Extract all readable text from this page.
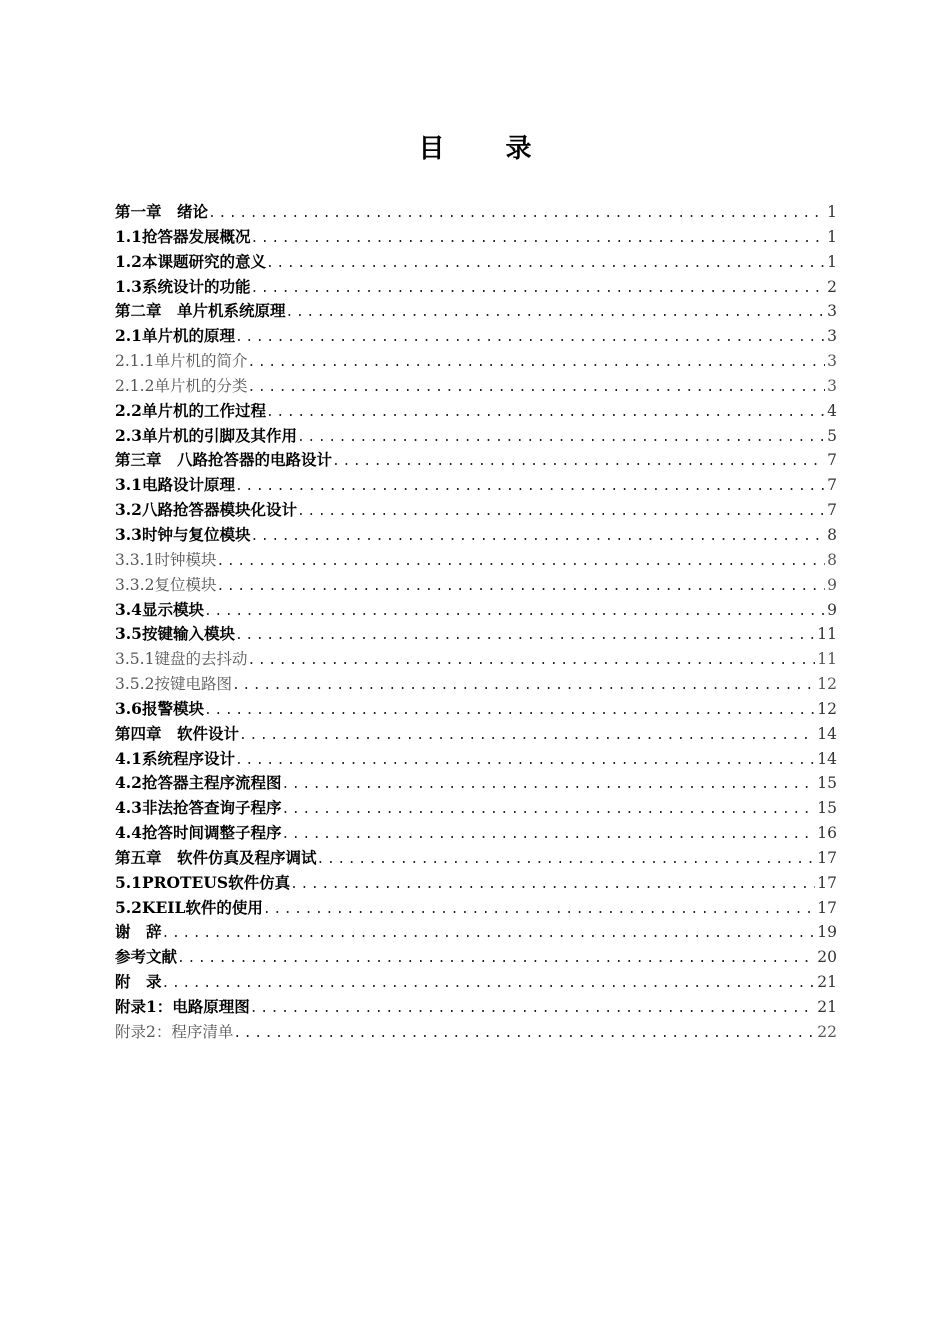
目 录
第一章　绪论 .....	1
1.1抢答器发展概况 .....	1
1.2本课题研究的意义 .....	1
1.3系统设计的功能 .....	2
第二章　单片机系统原理 .....	3
2.1单片机的原理 .....	3
2.1.1单片机的简介 .....	3
2.1.2单片机的分类 .....	3
2.2单片机的工作过程 .....	4
2.3单片机的引脚及其作用 .....	5
第三章　八路抢答器的电路设计 .....	7
3.1电路设计原理 .....	7
3.2八路抢答器模块化设计 .....	7
3.3时钟与复位模块 .....	8
3.3.1时钟模块 .....	8
3.3.2复位模块 .....	9
3.4显示模块 .....	9
3.5按键输入模块 .....	11
3.5.1键盘的去抖动 .....	11
3.5.2按键电路图 .....	12
3.6报警模块 .....	12
第四章　软件设计 .....	14
4.1系统程序设计 .....	14
4.2抢答器主程序流程图 .....	15
4.3非法抢答查询子程序 .....	15
4.4抢答时间调整子程序 .....	16
第五章　软件仿真及程序调试 .....	17
5.1PROTEUS软件仿真 .....	17
5.2KEIL软件的使用 .....	17
谢　辞 .....	19
参考文献 .....	20
附　录 .....	21
附录1：电路原理图 .....	21
附录2：程序清单 .....	22
